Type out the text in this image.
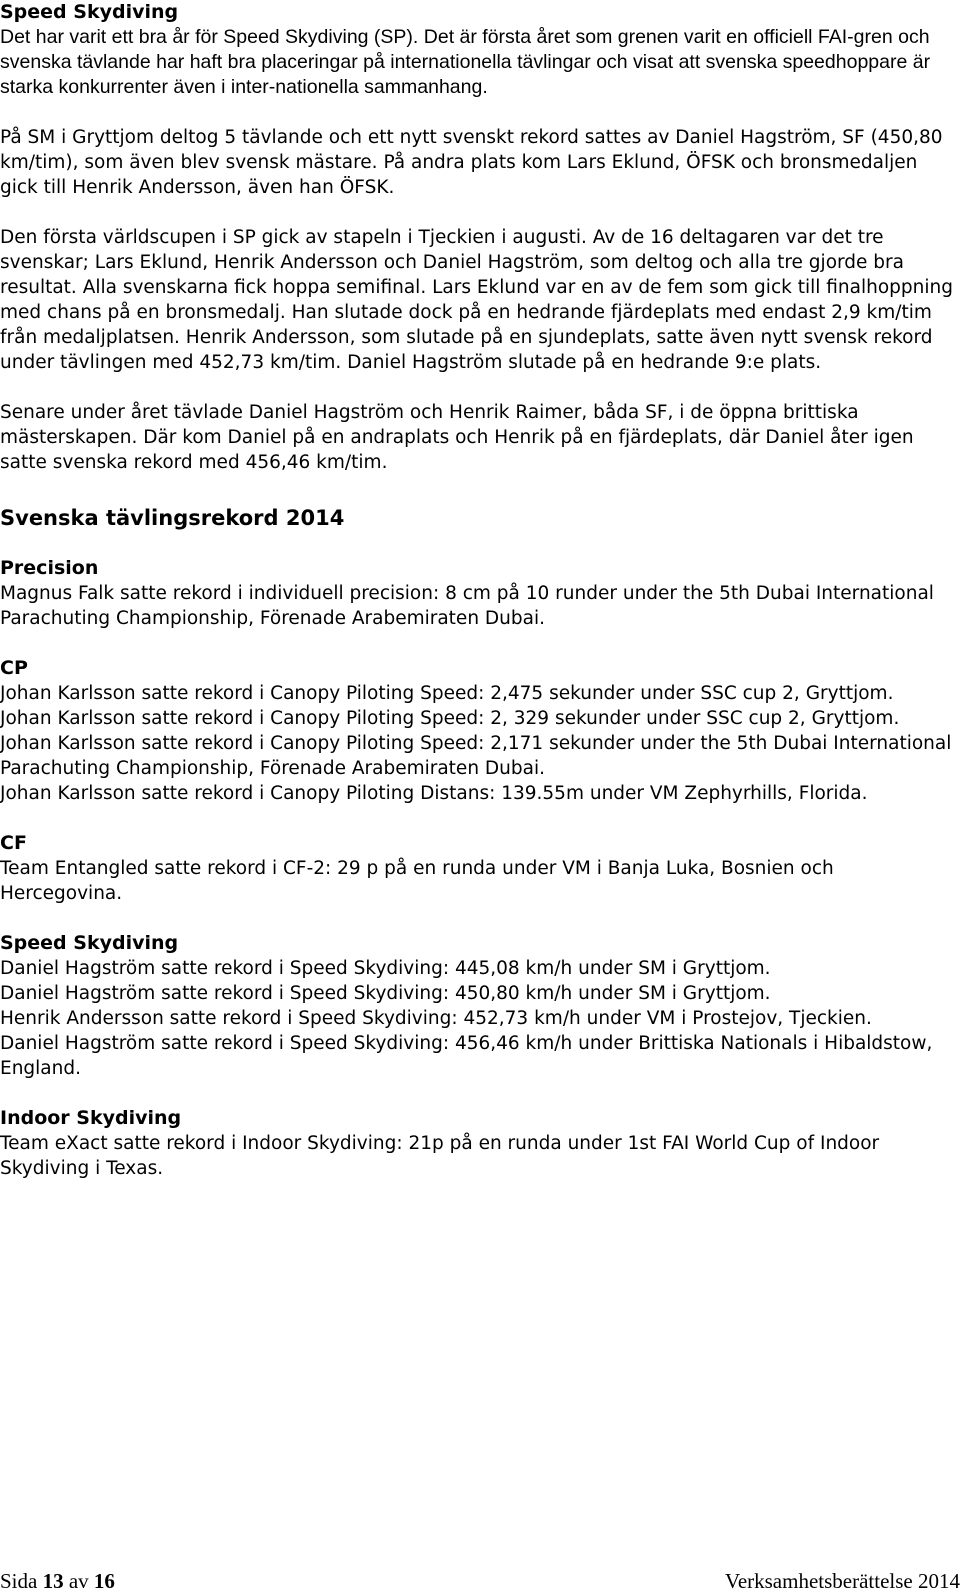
Speed Skydiving

Det har varit ett bra år för Speed Skydiving (SP). Det är första året som grenen varit en officiell FAI-gren och svenska tävlande har haft bra placeringar på internationella tävlingar och visat att svenska speedhoppare är starka konkurrenter även i inter-nationella sammanhang.

På SM i Gryttjom deltog 5 tävlande och ett nytt svenskt rekord sattes av Daniel Hagström, SF (450,80 km/tim), som även blev svensk mästare. På andra plats kom Lars Eklund, ÖFSK och bronsmedaljen gick till Henrik Andersson, även han ÖFSK.

Den första världscupen i SP gick av stapeln i Tjeckien i augusti. Av de 16 deltagaren var det tre svenskar; Lars Eklund, Henrik Andersson och Daniel Hagström, som deltog och alla tre gjorde bra resultat. Alla svenskarna fick hoppa semifinal. Lars Eklund var en av de fem som gick till finalhoppning med chans på en bronsmedalj. Han slutade dock på en hedrande fjärdeplats med endast 2,9 km/tim från medaljplatsen. Henrik Andersson, som slutade på en sjundeplats, satte även nytt svensk rekord under tävlingen med 452,73 km/tim. Daniel Hagström slutade på en hedrande 9:e plats.

Senare under året tävlade Daniel Hagström och Henrik Raimer, båda SF, i de öppna brittiska mästerskapen. Där kom Daniel på en andraplats och Henrik på en fjärdeplats, där Daniel åter igen satte svenska rekord med 456,46 km/tim.

Svenska tävlingsrekord 2014
Precision

Magnus Falk satte rekord i individuell precision: 8 cm på 10 runder under the 5th Dubai International Parachuting Championship, Förenade Arabemiraten Dubai.

CP

Johan Karlsson satte rekord i Canopy Piloting Speed: 2,475 sekunder under SSC cup 2, Gryttjom.

Johan Karlsson satte rekord i Canopy Piloting Speed: 2, 329 sekunder under SSC cup 2, Gryttjom.

Johan Karlsson satte rekord i Canopy Piloting Speed: 2,171 sekunder under the 5th Dubai International Parachuting Championship, Förenade Arabemiraten Dubai.

Johan Karlsson satte rekord i Canopy Piloting Distans: 139.55m under VM Zephyrhills, Florida.

CF

Team Entangled satte rekord i CF-2: 29 p på en runda under VM i Banja Luka, Bosnien och Hercegovina.

Speed Skydiving

Daniel Hagström satte rekord i Speed Skydiving: 445,08 km/h under SM i Gryttjom.

Daniel Hagström satte rekord i Speed Skydiving: 450,80 km/h under SM i Gryttjom.

Henrik Andersson satte rekord i Speed Skydiving: 452,73 km/h under VM i Prostejov, Tjeckien.

Daniel Hagström satte rekord i Speed Skydiving: 456,46 km/h under Brittiska Nationals i Hibaldstow, England.

Indoor Skydiving

Team eXact satte rekord i Indoor Skydiving: 21p på en runda under 1st FAI World Cup of Indoor Skydiving i Texas.

Sida 13 av 16	Verksamhetsberättelse 2014
